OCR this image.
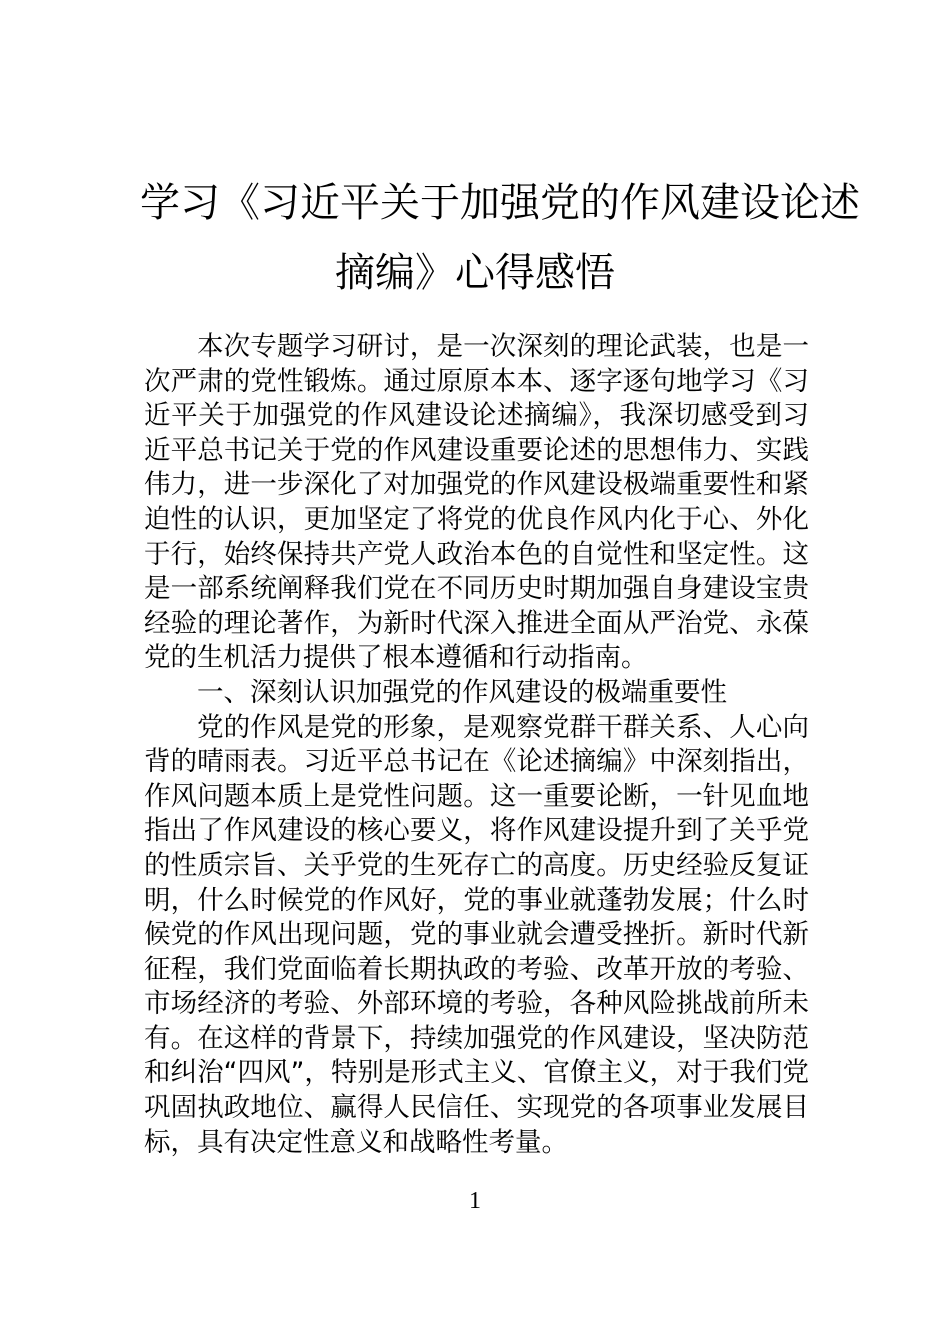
学习《习近平关于加强党的作风建设论述
摘编》心得感悟

本次专题学习研讨，是一次深刻的理论武装，也是一次严肃的党性锻炼。通过原原本本、逐字逐句地学习《习近平关于加强党的作风建设论述摘编》，我深切感受到习近平总书记关于党的作风建设重要论述的思想伟力、实践伟力，进一步深化了对加强党的作风建设极端重要性和紧迫性的认识，更加坚定了将党的优良作风内化于心、外化于行，始终保持共产党人政治本色的自觉性和坚定性。这是一部系统阐释我们党在不同历史时期加强自身建设宝贵经验的理论著作，为新时代深入推进全面从严治党、永葆党的生机活力提供了根本遵循和行动指南。

一、深刻认识加强党的作风建设的极端重要性

党的作风是党的形象，是观察党群干群关系、人心向背的晴雨表。习近平总书记在《论述摘编》中深刻指出，作风问题本质上是党性问题。这一重要论断，一针见血地指出了作风建设的核心要义，将作风建设提升到了关乎党的性质宗旨、关乎党的生死存亡的高度。历史经验反复证明，什么时候党的作风好，党的事业就蓬勃发展；什么时候党的作风出现问题，党的事业就会遭受挫折。新时代新征程，我们党面临着长期执政的考验、改革开放的考验、市场经济的考验、外部环境的考验，各种风险挑战前所未有。在这样的背景下，持续加强党的作风建设，坚决防范和纠治“四风”，特别是形式主义、官僚主义，对于我们党巩固执政地位、赢得人民信任、实现党的各项事业发展目标，具有决定性意义和战略性考量。

1
